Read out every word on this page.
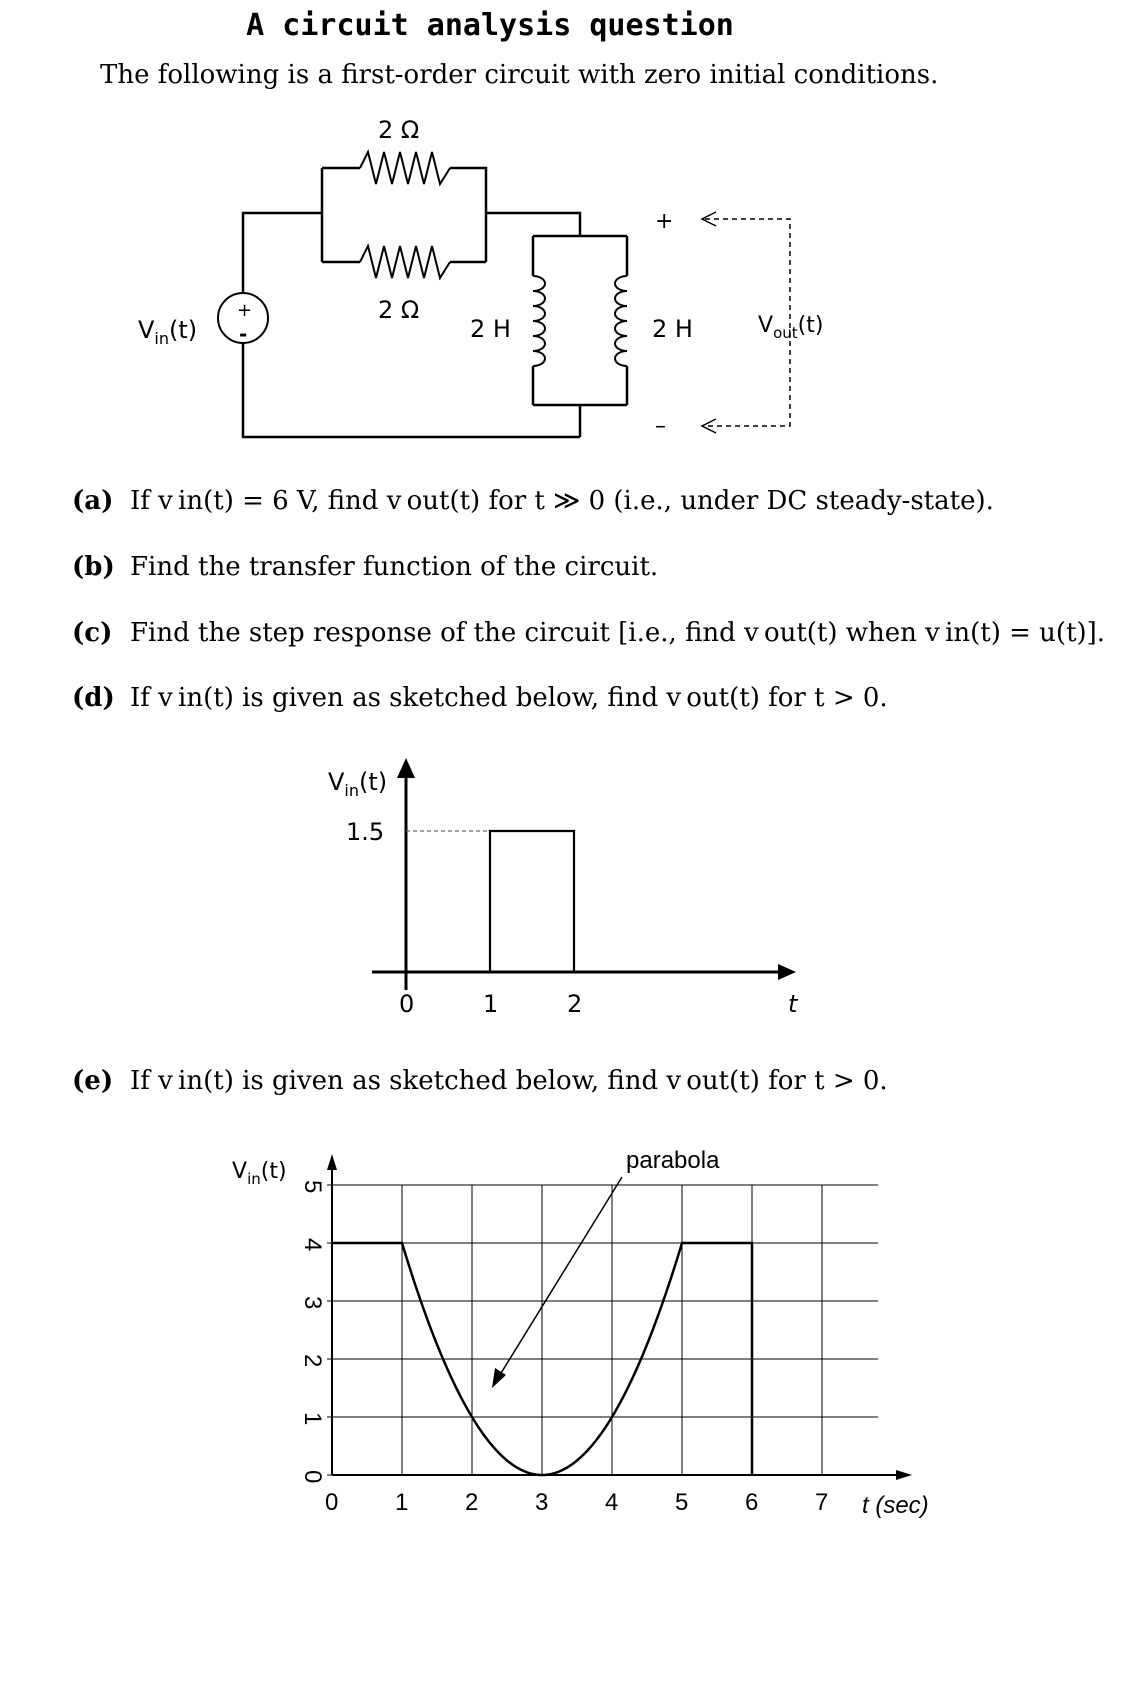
A circuit analysis question
The following is a first-order circuit with zero initial conditions.
+
-
$V_{in}(t)$
2 Ω
2 Ω
2 H	2 H
+
–
$V_{out}(t)$
(a) If v in(t) = 6 V, find v out(t) for t ≫ 0 (i.e., under DC steady-state).
(b) Find the transfer function of the circuit.
(c) Find the step response of the circuit [i.e., find v out(t) when v in(t) = u(t)].
(d) If v in(t) is given as sketched below, find v out(t) for t > 0.
(e) If v in(t) is given as sketched below, find v out(t) for t > 0.
0	1	2
1.5
t
$V_{in}(t)$
parabola
0 1 2 3 4 5 6 7
0
1
2
3
4
5
t (sec)
$V_{in}(t)$
